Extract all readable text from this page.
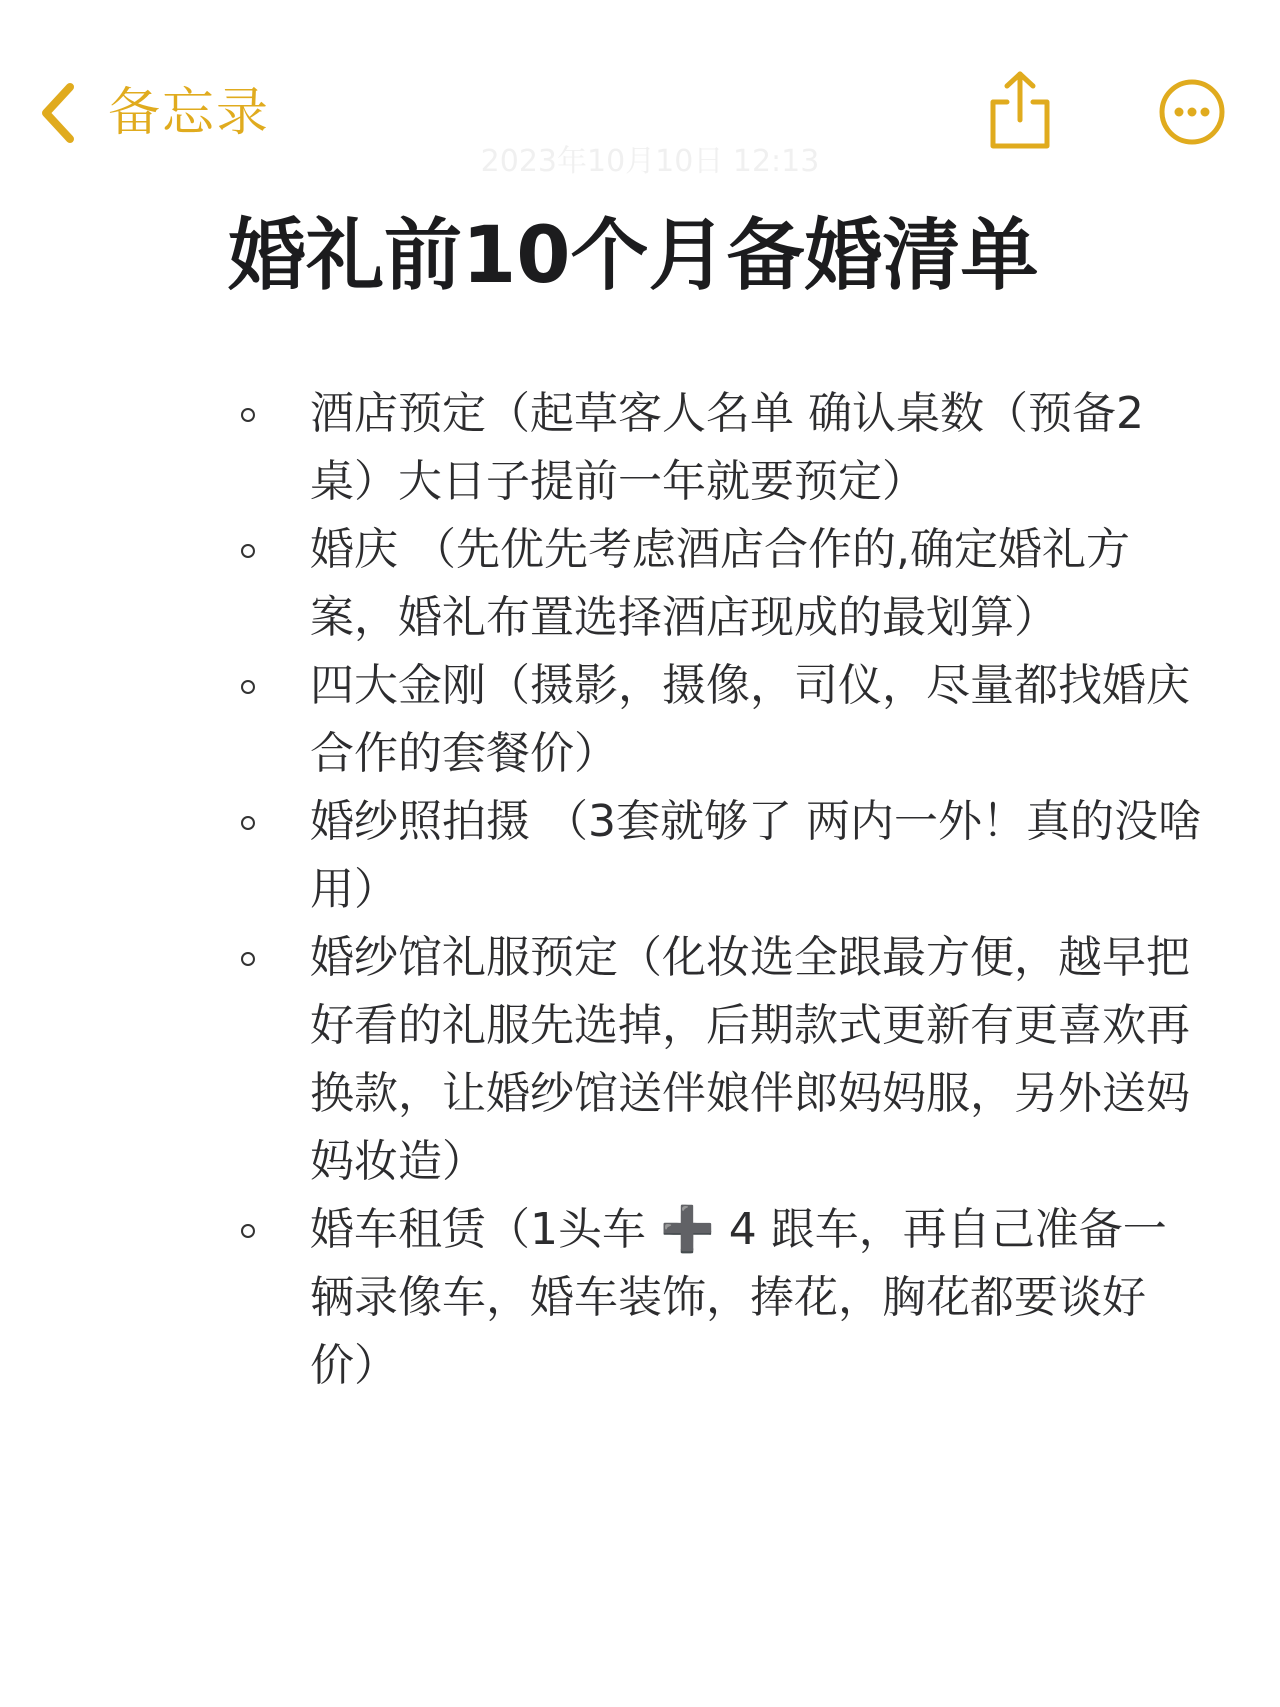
备忘录
2023年10月10日 12:13
婚礼前10个月备婚清单
酒店预定（起草客人名单 确认桌数（预备2桌）大日子提前一年就要预定）
婚庆 （先优先考虑酒店合作的,确定婚礼方案，婚礼布置选择酒店现成的最划算）
四大金刚（摄影，摄像，司仪，尽量都找婚庆合作的套餐价）
婚纱照拍摄 （3套就够了 两内一外！真的没啥用）
婚纱馆礼服预定（化妆选全跟最方便，越早把好看的礼服先选掉，后期款式更新有更喜欢再换款，让婚纱馆送伴娘伴郎妈妈服，另外送妈妈妆造）
婚车租赁（1头车 ➕ 4 跟车，再自己准备一辆录像车，婚车装饰，捧花，胸花都要谈好价）
